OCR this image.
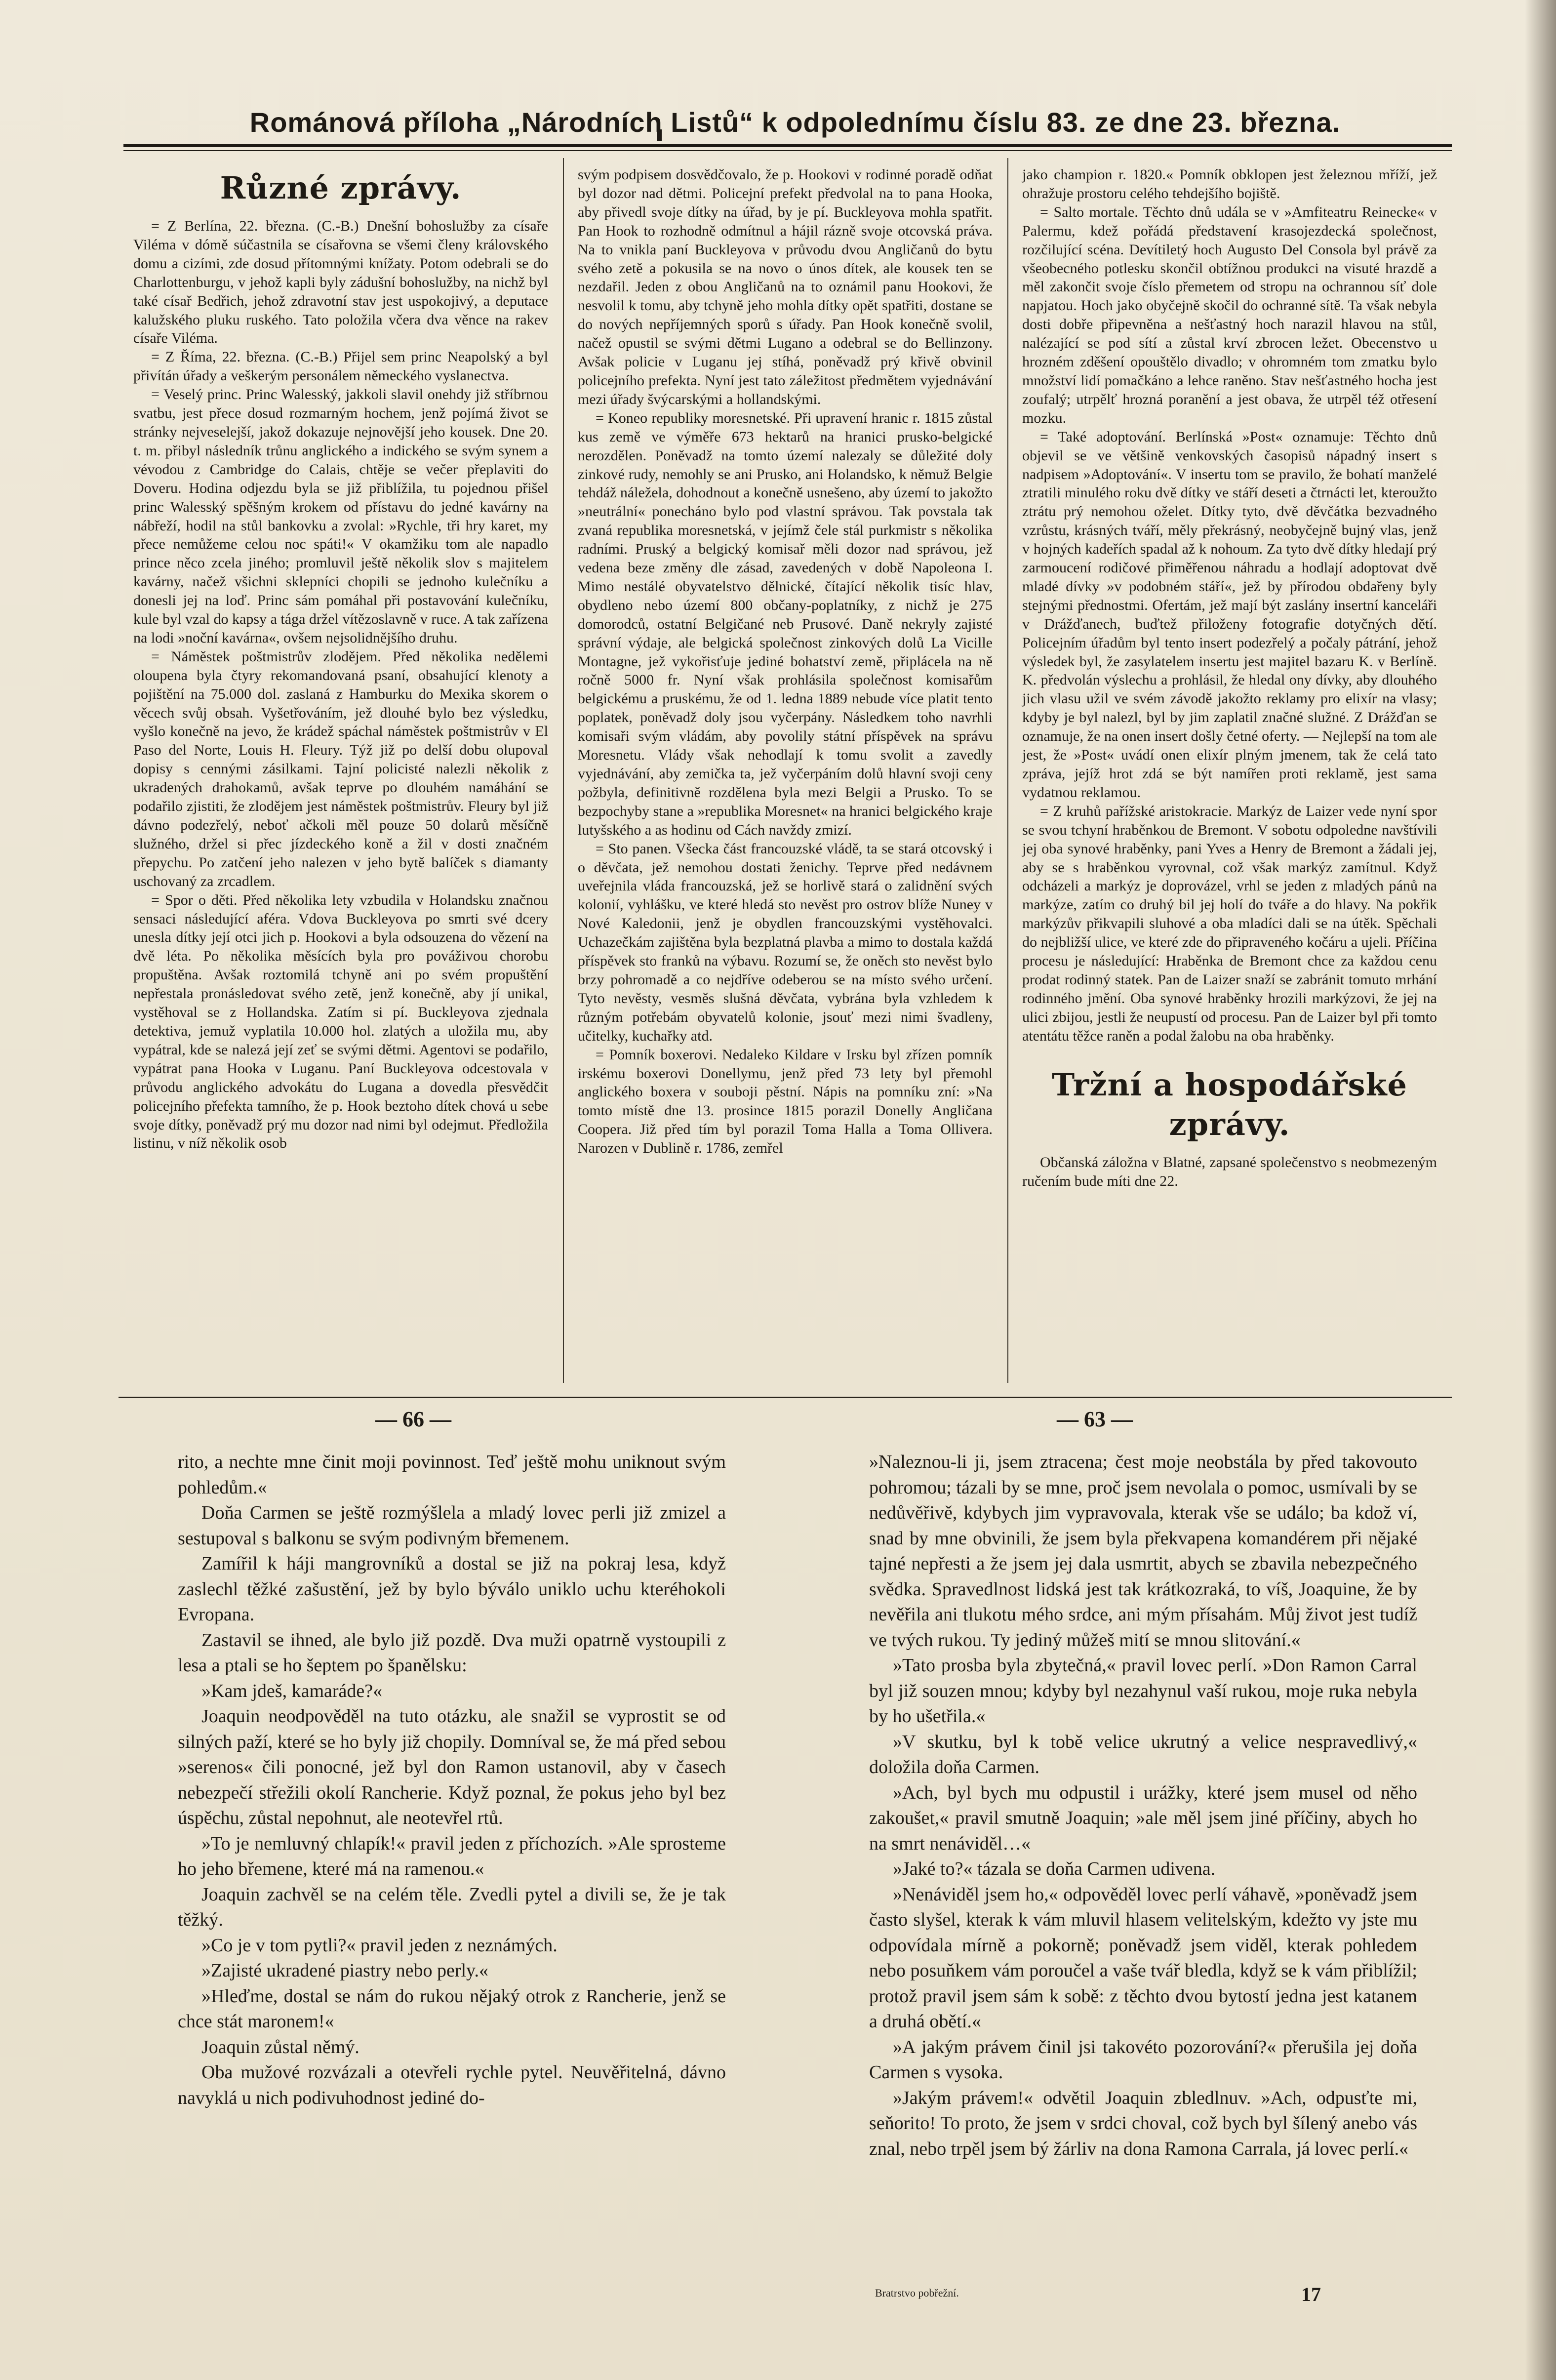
Románová příloha „Národních Listů“ k odpolednímu číslu 83. ze dne 23. března.
Různé zprávy.

= Z Berlína, 22. března. (C.-B.) Dnešní bohoslužby za císaře Viléma v dómě súčastnila se císařovna se všemi členy královského domu a cizími, zde dosud přítomnými knížaty. Potom odebrali se do Charlottenburgu, v jehož kapli byly zádušní bohoslužby, na nichž byl také císař Bedřich, jehož zdravotní stav jest uspokojivý, a deputace kalužského pluku ruského. Tato položila včera dva věnce na rakev císaře Viléma.

= Z Říma, 22. března. (C.-B.) Přijel sem princ Neapolský a byl přivítán úřady a veškerým personálem německého vyslanectva.

= Veselý princ. Princ Walesský, jakkoli slavil onehdy již stříbrnou svatbu, jest přece dosud rozmarným hochem, jenž pojímá život se stránky nejveselejší, jakož dokazuje nejnovější jeho kousek. Dne 20. t. m. přibyl následník trůnu anglického a indického se svým synem a vévodou z Cambridge do Calais, chtěje se večer přeplaviti do Doveru. Hodina odjezdu byla se již přiblížila, tu pojednou přišel princ Walesský spěšným krokem od přístavu do jedné kavárny na nábřeží, hodil na stůl bankovku a zvolal: »Rychle, tři hry karet, my přece nemůžeme celou noc spáti!« V okamžiku tom ale napadlo prince něco zcela jiného; promluvil ještě několik slov s majitelem kavárny, načež všichni sklepníci chopili se jednoho kulečníku a donesli jej na loď. Princ sám pomáhal při postavování kulečníku, kule byl vzal do kapsy a tága držel vítězoslavně v ruce. A tak zařízena na lodi »noční kavárna«, ovšem nejsolidnějšího druhu.

= Náměstek poštmistrův zlodějem. Před několika nedělemi oloupena byla čtyry rekomandovaná psaní, obsahující klenoty a pojištění na 75.000 dol. zaslaná z Hamburku do Mexika skorem o věcech svůj obsah. Vyšetřováním, jež dlouhé bylo bez výsledku, vyšlo konečně na jevo, že krádež spáchal náměstek poštmistrův v El Paso del Norte, Louis H. Fleury. Týž již po delší dobu olupoval dopisy s cennými zásilkami. Tajní policisté nalezli několik z ukradených drahokamů, avšak teprve po dlouhém namáhání se podařilo zjistiti, že zlodějem jest náměstek poštmistrův. Fleury byl již dávno podezřelý, neboť ačkoli měl pouze 50 dolarů měsíčně služného, držel si přec jízdeckého koně a žil v dosti značném přepychu. Po zatčení jeho nalezen v jeho bytě balíček s diamanty uschovaný za zrcadlem.

= Spor o děti. Před několika lety vzbudila v Holandsku značnou sensaci následující aféra. Vdova Buckleyova po smrti své dcery unesla dítky její otci jich p. Hookovi a byla odsouzena do vězení na dvě léta. Po několika měsících byla pro pováživou chorobu propuštěna. Avšak roztomilá tchyně ani po svém propuštění nepřestala pronásledovat svého zetě, jenž konečně, aby jí unikal, vystěhoval se z Hollandska. Zatím si pí. Buckleyova zjednala detektiva, jemuž vyplatila 10.000 hol. zlatých a uložila mu, aby vypátral, kde se nalezá její zeť se svými dětmi. Agentovi se podařilo, vypátrat pana Hooka v Luganu. Paní Buckleyova odcestovala v průvodu anglického advokátu do Lugana a dovedla přesvědčit policejního přefekta tamního, že p. Hook beztoho dítek chová u sebe svoje dítky, poněvadž prý mu dozor nad nimi byl odejmut. Předložila listinu, v níž několik osob

svým podpisem dosvědčovalo, že p. Hookovi v rodinné poradě odňat byl dozor nad dětmi. Policejní prefekt předvolal na to pana Hooka, aby přivedl svoje dítky na úřad, by je pí. Buckleyova mohla spatřit. Pan Hook to rozhodně odmítnul a hájil rázně svoje otcovská práva. Na to vnikla paní Buckleyova v průvodu dvou Angličanů do bytu svého zetě a pokusila se na novo o únos dítek, ale kousek ten se nezdařil. Jeden z obou Angličanů na to oznámil panu Hookovi, že nesvolil k tomu, aby tchyně jeho mohla dítky opět spatřiti, dostane se do nových nepříjemných sporů s úřady. Pan Hook konečně svolil, načež opustil se svými dětmi Lugano a odebral se do Bellinzony. Avšak policie v Luganu jej stíhá, poněvadž prý křivě obvinil policejního prefekta. Nyní jest tato záležitost předmětem vyjednávání mezi úřady švýcarskými a hollandskými.

= Koneo republiky moresnetské. Při upravení hranic r. 1815 zůstal kus země ve výměře 673 hektarů na hranici prusko-belgické nerozdělen. Poněvadž na tomto území nalezaly se důležité doly zinkové rudy, nemohly se ani Prusko, ani Holandsko, k němuž Belgie tehdáž náležela, dohodnout a konečně usnešeno, aby území to jakožto »neutrální« ponecháno bylo pod vlastní správou. Tak povstala tak zvaná republika moresnetská, v jejímž čele stál purkmistr s několika radními. Pruský a belgický komisař měli dozor nad správou, jež vedena beze změny dle zásad, zavedených v době Napoleona I. Mimo nestálé obyvatelstvo dělnické, čítající několik tisíc hlav, obydleno nebo území 800 občany-poplatníky, z nichž je 275 domorodců, ostatní Belgičané neb Prusové. Daně nekryly zajisté správní výdaje, ale belgická společnost zinkových dolů La Vicille Montagne, jež vykořisťuje jediné bohatství země, připlácela na ně ročně 5000 fr. Nyní však prohlásila společnost komisařům belgickému a pruskému, že od 1. ledna 1889 nebude více platit tento poplatek, poněvadž doly jsou vyčerpány. Následkem toho navrhli komisaři svým vládám, aby povolily státní příspěvek na správu Moresnetu. Vlády však nehodlají k tomu svolit a zavedly vyjednávání, aby zemička ta, jež vyčerpáním dolů hlavní svoji ceny požbyla, definitivně rozdělena byla mezi Belgii a Prusko. To se bezpochyby stane a »republika Moresnet« na hranici belgického kraje lutyšského a as hodinu od Cách navždy zmizí.

= Sto panen. Všecka část francouzské vládě, ta se stará otcovský i o děvčata, jež nemohou dostati ženichy. Teprve před nedávnem uveřejnila vláda francouzská, jež se horlivě stará o zalidnění svých kolonií, vyhlášku, ve které hledá sto nevěst pro ostrov blíže Nuney v Nové Kaledonii, jenž je obydlen francouzskými vystěhovalci. Uchazečkám zajištěna byla bezplatná plavba a mimo to dostala každá příspěvek sto franků na výbavu. Rozumí se, že oněch sto nevěst bylo brzy pohromadě a co nejdříve odeberou se na místo svého určení. Tyto nevěsty, vesměs slušná děvčata, vybrána byla vzhledem k různým potřebám obyvatelů kolonie, jsouť mezi nimi švadleny, učitelky, kuchařky atd.

= Pomník boxerovi. Nedaleko Kildare v Irsku byl zřízen pomník irskému boxerovi Donellymu, jenž před 73 lety byl přemohl anglického boxera v souboji pěstní. Nápis na pomníku zní: »Na tomto místě dne 13. prosince 1815 porazil Donelly Angličana Coopera. Již před tím byl porazil Toma Halla a Toma Ollivera. Narozen v Dublině r. 1786, zemřel

jako champion r. 1820.« Pomník obklopen jest železnou mříží, jež ohražuje prostoru celého tehdejšího bojiště.

= Salto mortale. Těchto dnů udála se v »Amfiteatru Reinecke« v Palermu, kdež pořádá představení krasojezdecká společnost, rozčilující scéna. Devítiletý hoch Augusto Del Consola byl právě za všeobecného potlesku skončil obtížnou produkci na visuté hrazdě a měl zakončit svoje číslo přemetem od stropu na ochrannou síť dole napjatou. Hoch jako obyčejně skočil do ochranné sítě. Ta však nebyla dosti dobře připevněna a nešťastný hoch narazil hlavou na stůl, nalézající se pod sítí a zůstal krví zbrocen ležet. Obecenstvo u hrozném zděšení opouštělo divadlo; v ohromném tom zmatku bylo množství lidí pomačkáno a lehce raněno. Stav nešťastného hocha jest zoufalý; utrpělť hrozná poranění a jest obava, že utrpěl též otřesení mozku.

= Také adoptování. Berlínská »Post« oznamuje: Těchto dnů objevil se ve většině venkovských časopisů nápadný insert s nadpisem »Adoptování«. V insertu tom se pravilo, že bohatí manželé ztratili minulého roku dvě dítky ve stáří deseti a čtrnácti let, kteroužto ztrátu prý nemohou oželet. Dítky tyto, dvě děvčátka bezvadného vzrůstu, krásných tváří, měly překrásný, neobyčejně bujný vlas, jenž v hojných kadeřích spadal až k nohoum. Za tyto dvě dítky hledají prý zarmoucení rodičové přiměřenou náhradu a hodlají adoptovat dvě mladé dívky »v podobném stáří«, jež by přírodou obdařeny byly stejnými přednostmi. Ofertám, jež mají být zaslány insertní kanceláři v Drážďanech, buďtež přiloženy fotografie dotyčných dětí. Policejním úřadům byl tento insert podezřelý a počaly pátrání, jehož výsledek byl, že zasylatelem insertu jest majitel bazaru K. v Berlíně. K. předvolán výslechu a prohlásil, že hledal ony dívky, aby dlouhého jich vlasu užil ve svém závodě jakožto reklamy pro elixír na vlasy; kdyby je byl nalezl, byl by jim zaplatil značné služné. Z Drážďan se oznamuje, že na onen insert došly četné oferty. — Nejlepší na tom ale jest, že »Post« uvádí onen elixír plným jmenem, tak že celá tato zpráva, jejíž hrot zdá se být namířen proti reklamě, jest sama vydatnou reklamou.

= Z kruhů pařížské aristokracie. Markýz de Laizer vede nyní spor se svou tchyní hraběnkou de Bremont. V sobotu odpoledne navštívili jej oba synové hraběnky, pani Yves a Henry de Bremont a žádali jej, aby se s hraběnkou vyrovnal, což však markýz zamítnul. Když odcházeli a markýz je doprovázel, vrhl se jeden z mladých pánů na markýze, zatím co druhý bil jej holí do tváře a do hlavy. Na pokřik markýzův přikvapili sluhové a oba mladíci dali se na útěk. Spěchali do nejbližší ulice, ve které zde do připraveného kočáru a ujeli. Příčina procesu je následující: Hraběnka de Bremont chce za každou cenu prodat rodinný statek. Pan de Laizer snaží se zabránit tomuto mrhání rodinného jmění. Oba synové hraběnky hrozili markýzovi, že jej na ulici zbijou, jestli že neupustí od procesu. Pan de Laizer byl při tomto atentátu těžce raněn a podal žalobu na oba hraběnky.

Tržní a hospodářské zprávy.

Občanská záložna v Blatné, zapsané společenstvo s neobmezeným ručením bude míti dne 22.

— 66 —	— 63 —

rito, a nechte mne činit moji povinnost. Teď ještě mohu uniknout svým pohledům.«

Doňa Carmen se ještě rozmýšlela a mladý lovec perli již zmizel a sestupoval s balkonu se svým podivným břemenem.

Zamířil k háji mangrovníků a dostal se již na pokraj lesa, když zaslechl těžké zašustění, jež by bylo býválo uniklo uchu kteréhokoli Evropana.

Zastavil se ihned, ale bylo již pozdě. Dva muži opatrně vystoupili z lesa a ptali se ho šeptem po španělsku:

»Kam jdeš, kamaráde?«

Joaquin neodpověděl na tuto otázku, ale snažil se vyprostit se od silných paží, které se ho byly již chopily. Domníval se, že má před sebou »serenos« čili ponocné, jež byl don Ramon ustanovil, aby v časech nebezpečí střežili okolí Rancherie. Když poznal, že pokus jeho byl bez úspěchu, zůstal nepohnut, ale neotevřel rtů.

»To je nemluvný chlapík!« pravil jeden z příchozích. »Ale sprosteme ho jeho břemene, které má na ramenou.«

Joaquin zachvěl se na celém těle. Zvedli pytel a divili se, že je tak těžký.

»Co je v tom pytli?« pravil jeden z neznámých.

»Zajisté ukradené piastry nebo perly.«

»Hleďme, dostal se nám do rukou nějaký otrok z Rancherie, jenž se chce stát maronem!«

Joaquin zůstal němý.

Oba mužové rozvázali a otevřeli rychle pytel. Neuvěřitelná, dávno navyklá u nich podivuhodnost jediné do-

»Naleznou-li ji, jsem ztracena; čest moje neobstála by před takovouto pohromou; tázali by se mne, proč jsem nevolala o pomoc, usmívali by se nedůvěřivě, kdybych jim vypravovala, kterak vše se událo; ba kdož ví, snad by mne obvinili, že jsem byla překvapena komandérem při nějaké tajné nepřesti a že jsem jej dala usmrtit, abych se zbavila nebezpečného svědka. Spravedlnost lidská jest tak krátkozraká, to víš, Joaquine, že by nevěřila ani tlukotu mého srdce, ani mým přísahám. Můj život jest tudíž ve tvých rukou. Ty jediný můžeš mití se mnou slitování.«

»Tato prosba byla zbytečná,« pravil lovec perlí. »Don Ramon Carral byl již souzen mnou; kdyby byl nezahynul vaší rukou, moje ruka nebyla by ho ušetřila.«

»V skutku, byl k tobě velice ukrutný a velice nespravedlivý,« doložila doňa Carmen.

»Ach, byl bych mu odpustil i urážky, které jsem musel od něho zakoušet,« pravil smutně Joaquin; »ale měl jsem jiné příčiny, abych ho na smrt nenáviděl…«

»Jaké to?« tázala se doňa Carmen udivena.

»Nenáviděl jsem ho,« odpověděl lovec perlí váhavě, »poněvadž jsem často slyšel, kterak k vám mluvil hlasem velitelským, kdežto vy jste mu odpovídala mírně a pokorně; poněvadž jsem viděl, kterak pohledem nebo posuňkem vám poroučel a vaše tvář bledla, když se k vám přiblížil; protož pravil jsem sám k sobě: z těchto dvou bytostí jedna jest katanem a druhá obětí.«

»A jakým právem činil jsi takovéto pozorování?« přerušila jej doňa Carmen s vysoka.

»Jakým právem!« odvětil Joaquin zbledlnuv. »Ach, odpusťte mi, seňorito! To proto, že jsem v srdci choval, což bych byl šílený anebo vás znal, nebo trpěl jsem bý žárliv na dona Ramona Carrala, já lovec perlí.«

Bratrstvo pobřežní.	17
